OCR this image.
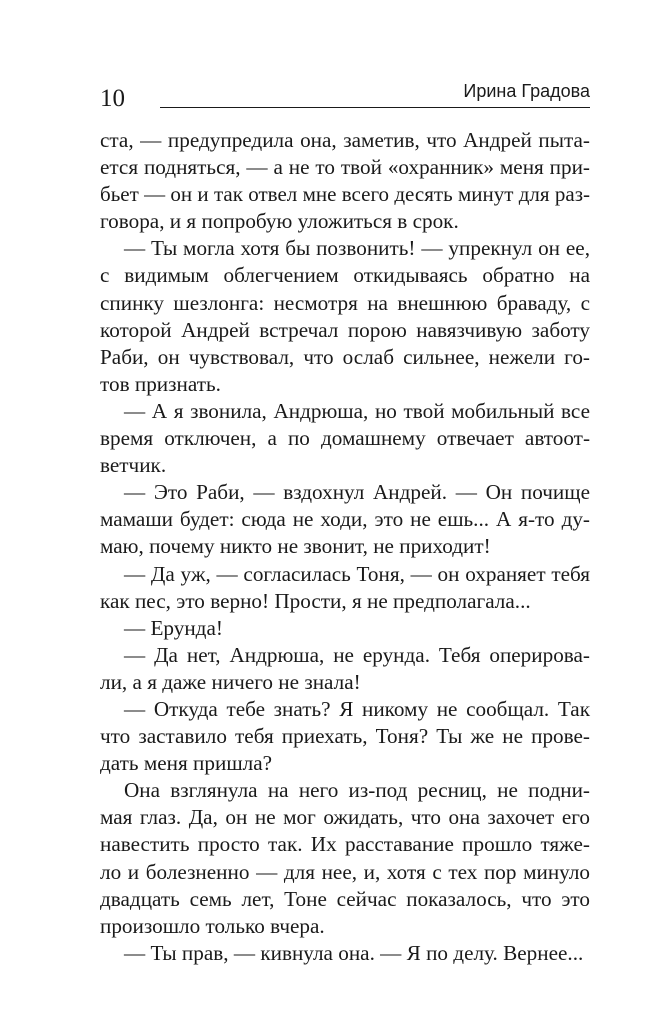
10	Ирина Градова
ста, — предупредила она, заметив, что Андрей пыта-
ется подняться, — а не то твой «охранник» меня при-
бьет — он и так отвел мне всего десять минут для раз-
говора, и я попробую уложиться в срок.
— Ты могла хотя бы позвонить! — упрекнул он ее,
с видимым облегчением откидываясь обратно на
спинку шезлонга: несмотря на внешнюю браваду, с
которой Андрей встречал порою навязчивую заботу
Раби, он чувствовал, что ослаб сильнее, нежели го-
тов признать.
— А я звонила, Андрюша, но твой мобильный все
время отключен, а по домашнему отвечает автоот-
ветчик.
— Это Раби, — вздохнул Андрей. — Он почище
мамаши будет: сюда не ходи, это не ешь... А я-то ду-
маю, почему никто не звонит, не приходит!
— Да уж, — согласилась Тоня, — он охраняет тебя
как пес, это верно! Прости, я не предполагала...
— Ерунда!
— Да нет, Андрюша, не ерунда. Тебя оперирова-
ли, а я даже ничего не знала!
— Откуда тебе знать? Я никому не сообщал. Так
что заставило тебя приехать, Тоня? Ты же не прове-
дать меня пришла?
Она взглянула на него из-под ресниц, не подни-
мая глаз. Да, он не мог ожидать, что она захочет его
навестить просто так. Их расставание прошло тяже-
ло и болезненно — для нее, и, хотя с тех пор минуло
двадцать семь лет, Тоне сейчас показалось, что это
произошло только вчера.
— Ты прав, — кивнула она. — Я по делу. Вернее...
